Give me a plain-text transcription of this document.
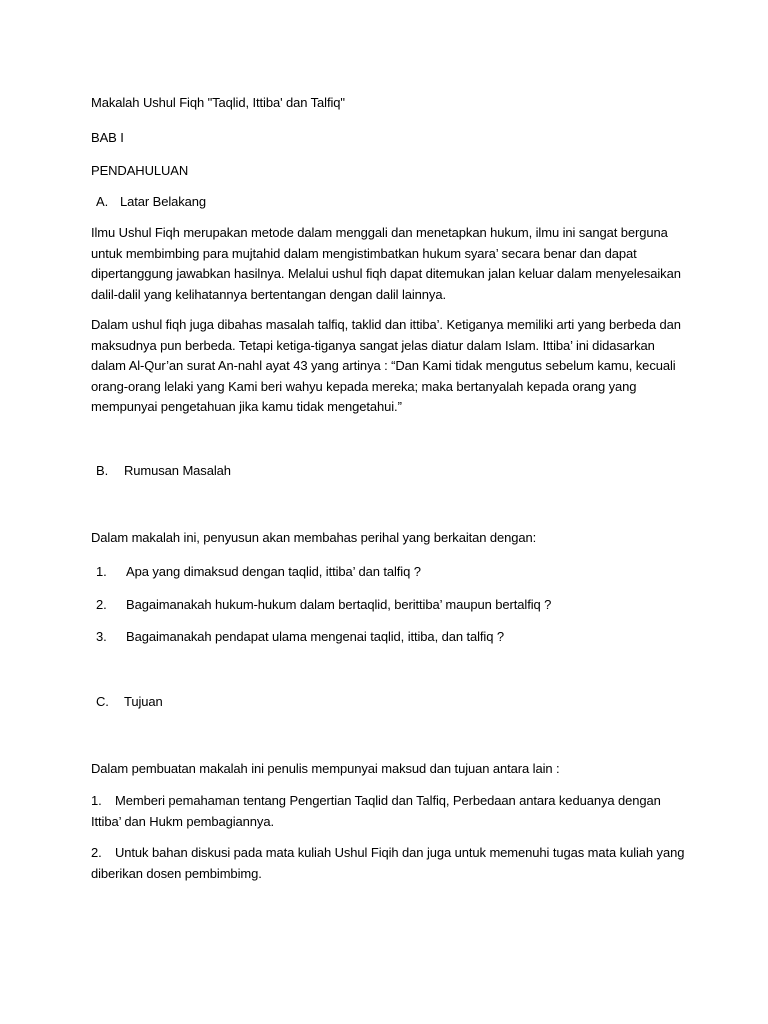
Makalah Ushul Fiqh "Taqlid, Ittiba' dan Talfiq"
BAB I
PENDAHULUAN
A. Latar Belakang
Ilmu Ushul Fiqh merupakan metode dalam menggali dan menetapkan hukum, ilmu ini sangat berguna
untuk membimbing para mujtahid dalam mengistimbatkan hukum syara’ secara benar dan dapat
dipertanggung jawabkan hasilnya. Melalui ushul fiqh dapat ditemukan jalan keluar dalam menyelesaikan
dalil-dalil yang kelihatannya bertentangan dengan dalil lainnya.
Dalam ushul fiqh juga dibahas masalah talfiq, taklid dan ittiba’. Ketiganya memiliki arti yang berbeda dan
maksudnya pun berbeda. Tetapi ketiga-tiganya sangat jelas diatur dalam Islam. Ittiba’ ini didasarkan
dalam Al-Qur’an surat An-nahl ayat 43 yang artinya : “Dan Kami tidak mengutus sebelum kamu, kecuali
orang-orang lelaki yang Kami beri wahyu kepada mereka; maka bertanyalah kepada orang yang
mempunyai pengetahuan jika kamu tidak mengetahui.”
B. Rumusan Masalah
Dalam makalah ini, penyusun akan membahas perihal yang berkaitan dengan:
1. Apa yang dimaksud dengan taqlid, ittiba’ dan talfiq ?
2. Bagaimanakah hukum-hukum dalam bertaqlid, berittiba’ maupun bertalfiq ?
3. Bagaimanakah pendapat ulama mengenai taqlid, ittiba, dan talfiq ?
C. Tujuan
Dalam pembuatan makalah ini penulis mempunyai maksud dan tujuan antara lain :
1. Memberi pemahaman tentang Pengertian Taqlid dan Talfiq, Perbedaan antara keduanya dengan
Ittiba’ dan Hukm pembagiannya.
2. Untuk bahan diskusi pada mata kuliah Ushul Fiqih dan juga untuk memenuhi tugas mata kuliah yang
diberikan dosen pembimbimg.
